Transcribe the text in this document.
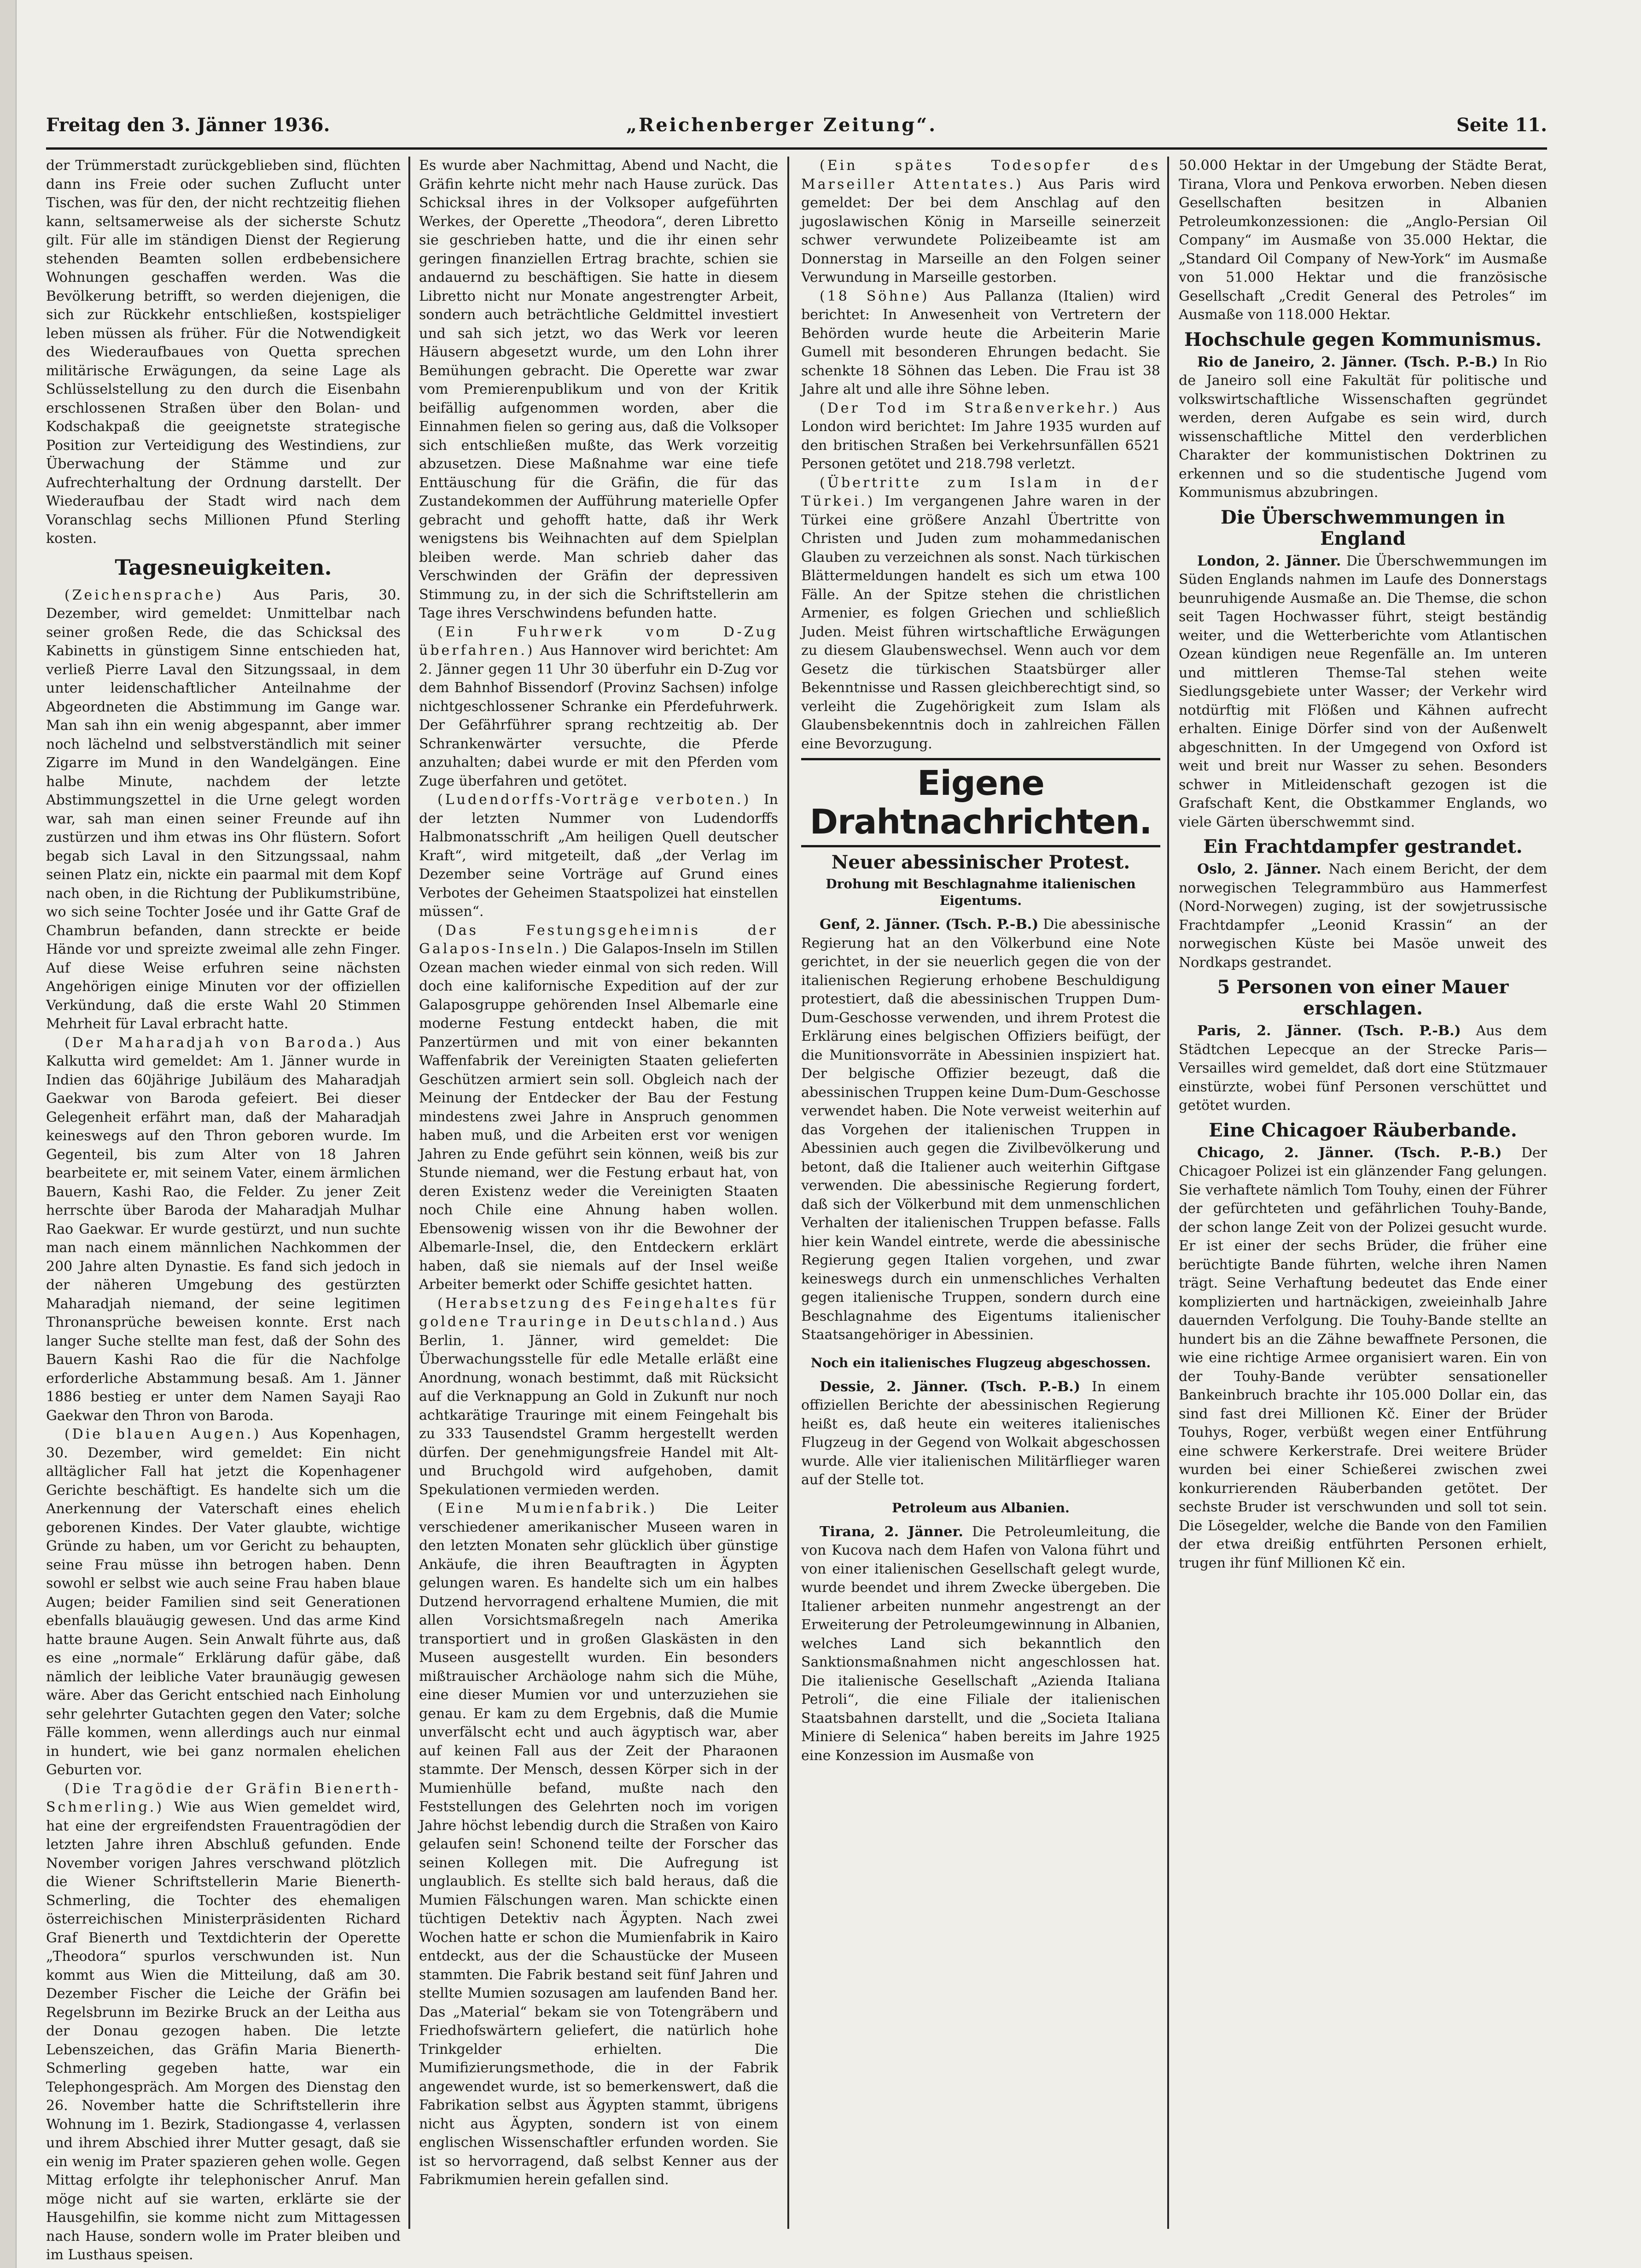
Freitag den 3. Jänner 1936.	„Reichenberger Zeitung“.	Seite 11.

der Trümmerstadt zurückgeblieben sind, flüchten dann ins Freie oder suchen Zuflucht unter Tischen, was für den, der nicht rechtzeitig fliehen kann, seltsamerweise als der sicherste Schutz gilt. Für alle im ständigen Dienst der Regierung stehenden Beamten sollen erdbebensichere Wohnungen geschaffen werden. Was die Bevölkerung betrifft, so werden diejenigen, die sich zur Rückkehr entschließen, kostspieliger leben müssen als früher. Für die Notwendigkeit des Wiederaufbaues von Quetta sprechen militärische Erwägungen, da seine Lage als Schlüsselstellung zu den durch die Eisenbahn erschlossenen Straßen über den Bolan- und Kodschakpaß die geeignetste strategische Position zur Verteidigung des Westindiens, zur Überwachung der Stämme und zur Aufrechterhaltung der Ordnung darstellt. Der Wiederaufbau der Stadt wird nach dem Voranschlag sechs Millionen Pfund Sterling kosten.

Tagesneuigkeiten.

(Zeichensprache) Aus Paris, 30. Dezember, wird gemeldet: Unmittelbar nach seiner großen Rede, die das Schicksal des Kabinetts in günstigem Sinne entschieden hat, verließ Pierre Laval den Sitzungssaal, in dem unter leidenschaftlicher Anteilnahme der Abgeordneten die Abstimmung im Gange war. Man sah ihn ein wenig abgespannt, aber immer noch lächelnd und selbstverständlich mit seiner Zigarre im Mund in den Wandelgängen. Eine halbe Minute, nachdem der letzte Abstimmungszettel in die Urne gelegt worden war, sah man einen seiner Freunde auf ihn zustürzen und ihm etwas ins Ohr flüstern. Sofort begab sich Laval in den Sitzungssaal, nahm seinen Platz ein, nickte ein paarmal mit dem Kopf nach oben, in die Richtung der Publikumstribüne, wo sich seine Tochter Josée und ihr Gatte Graf de Chambrun befanden, dann streckte er beide Hände vor und spreizte zweimal alle zehn Finger. Auf diese Weise erfuhren seine nächsten Angehörigen einige Minuten vor der offiziellen Verkündung, daß die erste Wahl 20 Stimmen Mehrheit für Laval erbracht hatte.

(Der Maharadjah von Baroda.) Aus Kalkutta wird gemeldet: Am 1. Jänner wurde in Indien das 60jährige Jubiläum des Maharadjah Gaekwar von Baroda gefeiert. Bei dieser Gelegenheit erfährt man, daß der Maharadjah keineswegs auf den Thron geboren wurde. Im Gegenteil, bis zum Alter von 18 Jahren bearbeitete er, mit seinem Vater, einem ärmlichen Bauern, Kashi Rao, die Felder. Zu jener Zeit herrschte über Baroda der Maharadjah Mulhar Rao Gaekwar. Er wurde gestürzt, und nun suchte man nach einem männlichen Nachkommen der 200 Jahre alten Dynastie. Es fand sich jedoch in der näheren Umgebung des gestürzten Maharadjah niemand, der seine legitimen Thronansprüche beweisen konnte. Erst nach langer Suche stellte man fest, daß der Sohn des Bauern Kashi Rao die für die Nachfolge erforderliche Abstammung besaß. Am 1. Jänner 1886 bestieg er unter dem Namen Sayaji Rao Gaekwar den Thron von Baroda.

(Die blauen Augen.) Aus Kopenhagen, 30. Dezember, wird gemeldet: Ein nicht alltäglicher Fall hat jetzt die Kopenhagener Gerichte beschäftigt. Es handelte sich um die Anerkennung der Vaterschaft eines ehelich geborenen Kindes. Der Vater glaubte, wichtige Gründe zu haben, um vor Gericht zu behaupten, seine Frau müsse ihn betrogen haben. Denn sowohl er selbst wie auch seine Frau haben blaue Augen; beider Familien sind seit Generationen ebenfalls blauäugig gewesen. Und das arme Kind hatte braune Augen. Sein Anwalt führte aus, daß es eine „normale“ Erklärung dafür gäbe, daß nämlich der leibliche Vater braunäugig gewesen wäre. Aber das Gericht entschied nach Einholung sehr gelehrter Gutachten gegen den Vater; solche Fälle kommen, wenn allerdings auch nur einmal in hundert, wie bei ganz normalen ehelichen Geburten vor.

(Die Tragödie der Gräfin Bienerth-Schmerling.) Wie aus Wien gemeldet wird, hat eine der ergreifendsten Frauentragödien der letzten Jahre ihren Abschluß gefunden. Ende November vorigen Jahres verschwand plötzlich die Wiener Schriftstellerin Marie Bienerth-Schmerling, die Tochter des ehemaligen österreichischen Ministerpräsidenten Richard Graf Bienerth und Textdichterin der Operette „Theodora“ spurlos verschwunden ist. Nun kommt aus Wien die Mitteilung, daß am 30. Dezember Fischer die Leiche der Gräfin bei Regelsbrunn im Bezirke Bruck an der Leitha aus der Donau gezogen haben. Die letzte Lebenszeichen, das Gräfin Maria Bienerth-Schmerling gegeben hatte, war ein Telephongespräch. Am Morgen des Dienstag den 26. November hatte die Schriftstellerin ihre Wohnung im 1. Bezirk, Stadiongasse 4, verlassen und ihrem Abschied ihrer Mutter gesagt, daß sie ein wenig im Prater spazieren gehen wolle. Gegen Mittag erfolgte ihr telephonischer Anruf. Man möge nicht auf sie warten, erklärte sie der Hausgehilfin, sie komme nicht zum Mittagessen nach Hause, sondern wolle im Prater bleiben und im Lusthaus speisen.

Es wurde aber Nachmittag, Abend und Nacht, die Gräfin kehrte nicht mehr nach Hause zurück. Das Schicksal ihres in der Volksoper aufgeführten Werkes, der Operette „Theodora“, deren Libretto sie geschrieben hatte, und die ihr einen sehr geringen finanziellen Ertrag brachte, schien sie andauernd zu beschäftigen. Sie hatte in diesem Libretto nicht nur Monate angestrengter Arbeit, sondern auch beträchtliche Geldmittel investiert und sah sich jetzt, wo das Werk vor leeren Häusern abgesetzt wurde, um den Lohn ihrer Bemühungen gebracht. Die Operette war zwar vom Premierenpublikum und von der Kritik beifällig aufgenommen worden, aber die Einnahmen fielen so gering aus, daß die Volksoper sich entschließen mußte, das Werk vorzeitig abzusetzen. Diese Maßnahme war eine tiefe Enttäuschung für die Gräfin, die für das Zustandekommen der Aufführung materielle Opfer gebracht und gehofft hatte, daß ihr Werk wenigstens bis Weihnachten auf dem Spielplan bleiben werde. Man schrieb daher das Verschwinden der Gräfin der depressiven Stimmung zu, in der sich die Schriftstellerin am Tage ihres Verschwindens befunden hatte.

(Ein Fuhrwerk vom D-Zug überfahren.) Aus Hannover wird berichtet: Am 2. Jänner gegen 11 Uhr 30 überfuhr ein D-Zug vor dem Bahnhof Bissendorf (Provinz Sachsen) infolge nichtgeschlossener Schranke ein Pferdefuhrwerk. Der Gefährführer sprang rechtzeitig ab. Der Schrankenwärter versuchte, die Pferde anzuhalten; dabei wurde er mit den Pferden vom Zuge überfahren und getötet.

(Ludendorffs-Vorträge verboten.) In der letzten Nummer von Ludendorffs Halbmonatsschrift „Am heiligen Quell deutscher Kraft“, wird mitgeteilt, daß „der Verlag im Dezember seine Vorträge auf Grund eines Verbotes der Geheimen Staatspolizei hat einstellen müssen“.

(Das Festungsgeheimnis der Galapos-Inseln.) Die Galapos-Inseln im Stillen Ozean machen wieder einmal von sich reden. Will doch eine kalifornische Expedition auf der zur Galaposgruppe gehörenden Insel Albemarle eine moderne Festung entdeckt haben, die mit Panzertürmen und mit von einer bekannten Waffenfabrik der Vereinigten Staaten gelieferten Geschützen armiert sein soll. Obgleich nach der Meinung der Entdecker der Bau der Festung mindestens zwei Jahre in Anspruch genommen haben muß, und die Arbeiten erst vor wenigen Jahren zu Ende geführt sein können, weiß bis zur Stunde niemand, wer die Festung erbaut hat, von deren Existenz weder die Vereinigten Staaten noch Chile eine Ahnung haben wollen. Ebensowenig wissen von ihr die Bewohner der Albemarle-Insel, die, den Entdeckern erklärt haben, daß sie niemals auf der Insel weiße Arbeiter bemerkt oder Schiffe gesichtet hatten.

(Herabsetzung des Feingehaltes für goldene Trauringe in Deutschland.) Aus Berlin, 1. Jänner, wird gemeldet: Die Überwachungsstelle für edle Metalle erläßt eine Anordnung, wonach bestimmt, daß mit Rücksicht auf die Verknappung an Gold in Zukunft nur noch achtkarätige Trauringe mit einem Feingehalt bis zu 333 Tausendstel Gramm hergestellt werden dürfen. Der genehmigungsfreie Handel mit Alt- und Bruchgold wird aufgehoben, damit Spekulationen vermieden werden.

(Eine Mumienfabrik.) Die Leiter verschiedener amerikanischer Museen waren in den letzten Monaten sehr glücklich über günstige Ankäufe, die ihren Beauftragten in Ägypten gelungen waren. Es handelte sich um ein halbes Dutzend hervorragend erhaltene Mumien, die mit allen Vorsichtsmaßregeln nach Amerika transportiert und in großen Glaskästen in den Museen ausgestellt wurden. Ein besonders mißtrauischer Archäologe nahm sich die Mühe, eine dieser Mumien vor und unterzuziehen sie genau. Er kam zu dem Ergebnis, daß die Mumie unverfälscht echt und auch ägyptisch war, aber auf keinen Fall aus der Zeit der Pharaonen stammte. Der Mensch, dessen Körper sich in der Mumienhülle befand, mußte nach den Feststellungen des Gelehrten noch im vorigen Jahre höchst lebendig durch die Straßen von Kairo gelaufen sein! Schonend teilte der Forscher das seinen Kollegen mit. Die Aufregung ist unglaublich. Es stellte sich bald heraus, daß die Mumien Fälschungen waren. Man schickte einen tüchtigen Detektiv nach Ägypten. Nach zwei Wochen hatte er schon die Mumienfabrik in Kairo entdeckt, aus der die Schaustücke der Museen stammten. Die Fabrik bestand seit fünf Jahren und stellte Mumien sozusagen am laufenden Band her. Das „Material“ bekam sie von Totengräbern und Friedhofswärtern geliefert, die natürlich hohe Trinkgelder erhielten. Die Mumifizierungsmethode, die in der Fabrik angewendet wurde, ist so bemerkenswert, daß die Fabrikation selbst aus Ägypten stammt, übrigens nicht aus Ägypten, sondern ist von einem englischen Wissenschaftler erfunden worden. Sie ist so hervorragend, daß selbst Kenner aus der Fabrikmumien herein gefallen sind.

(Ein spätes Todesopfer des Marseiller Attentates.) Aus Paris wird gemeldet: Der bei dem Anschlag auf den jugoslawischen König in Marseille seinerzeit schwer verwundete Polizeibeamte ist am Donnerstag in Marseille an den Folgen seiner Verwundung in Marseille gestorben.

(18 Söhne) Aus Pallanza (Italien) wird berichtet: In Anwesenheit von Vertretern der Behörden wurde heute die Arbeiterin Marie Gumell mit besonderen Ehrungen bedacht. Sie schenkte 18 Söhnen das Leben. Die Frau ist 38 Jahre alt und alle ihre Söhne leben.

(Der Tod im Straßenverkehr.) Aus London wird berichtet: Im Jahre 1935 wurden auf den britischen Straßen bei Verkehrsunfällen 6521 Personen getötet und 218.798 verletzt.

(Übertritte zum Islam in der Türkei.) Im vergangenen Jahre waren in der Türkei eine größere Anzahl Übertritte von Christen und Juden zum mohammedanischen Glauben zu verzeichnen als sonst. Nach türkischen Blättermeldungen handelt es sich um etwa 100 Fälle. An der Spitze stehen die christlichen Armenier, es folgen Griechen und schließlich Juden. Meist führen wirtschaftliche Erwägungen zu diesem Glaubenswechsel. Wenn auch vor dem Gesetz die türkischen Staatsbürger aller Bekenntnisse und Rassen gleichberechtigt sind, so verleiht die Zugehörigkeit zum Islam als Glaubensbekenntnis doch in zahlreichen Fällen eine Bevorzugung.

Eigene Drahtnachrichten.
Neuer abessinischer Protest.
Drohung mit Beschlagnahme italienischen Eigentums.

Genf, 2. Jänner. (Tsch. P.-B.) Die abessinische Regierung hat an den Völkerbund eine Note gerichtet, in der sie neuerlich gegen die von der italienischen Regierung erhobene Beschuldigung protestiert, daß die abessinischen Truppen Dum-Dum-Geschosse verwenden, und ihrem Protest die Erklärung eines belgischen Offiziers beifügt, der die Munitionsvorräte in Abessinien inspiziert hat. Der belgische Offizier bezeugt, daß die abessinischen Truppen keine Dum-Dum-Geschosse verwendet haben. Die Note verweist weiterhin auf das Vorgehen der italienischen Truppen in Abessinien auch gegen die Zivilbevölkerung und betont, daß die Italiener auch weiterhin Giftgase verwenden. Die abessinische Regierung fordert, daß sich der Völkerbund mit dem unmenschlichen Verhalten der italienischen Truppen befasse. Falls hier kein Wandel eintrete, werde die abessinische Regierung gegen Italien vorgehen, und zwar keineswegs durch ein unmenschliches Verhalten gegen italienische Truppen, sondern durch eine Beschlagnahme des Eigentums italienischer Staatsangehöriger in Abessinien.

Noch ein italienisches Flugzeug abgeschossen.

Dessie, 2. Jänner. (Tsch. P.-B.) In einem offiziellen Berichte der abessinischen Regierung heißt es, daß heute ein weiteres italienisches Flugzeug in der Gegend von Wolkait abgeschossen wurde. Alle vier italienischen Militärflieger waren auf der Stelle tot.

Petroleum aus Albanien.

Tirana, 2. Jänner. Die Petroleumleitung, die von Kucova nach dem Hafen von Valona führt und von einer italienischen Gesellschaft gelegt wurde, wurde beendet und ihrem Zwecke übergeben. Die Italiener arbeiten nunmehr angestrengt an der Erweiterung der Petroleumgewinnung in Albanien, welches Land sich bekanntlich den Sanktionsmaßnahmen nicht angeschlossen hat. Die italienische Gesellschaft „Azienda Italiana Petroli“, die eine Filiale der italienischen Staatsbahnen darstellt, und die „Societa Italiana Miniere di Selenica“ haben bereits im Jahre 1925 eine Konzession im Ausmaße von

50.000 Hektar in der Umgebung der Städte Berat, Tirana, Vlora und Penkova erworben. Neben diesen Gesellschaften besitzen in Albanien Petroleumkonzessionen: die „Anglo-Persian Oil Company“ im Ausmaße von 35.000 Hektar, die „Standard Oil Company of New-York“ im Ausmaße von 51.000 Hektar und die französische Gesellschaft „Credit General des Petroles“ im Ausmaße von 118.000 Hektar.

Hochschule gegen Kommunismus.

Rio de Janeiro, 2. Jänner. (Tsch. P.-B.) In Rio de Janeiro soll eine Fakultät für politische und volkswirtschaftliche Wissenschaften gegründet werden, deren Aufgabe es sein wird, durch wissenschaftliche Mittel den verderblichen Charakter der kommunistischen Doktrinen zu erkennen und so die studentische Jugend vom Kommunismus abzubringen.

Die Überschwemmungen in England

London, 2. Jänner. Die Überschwemmungen im Süden Englands nahmen im Laufe des Donnerstags beunruhigende Ausmaße an. Die Themse, die schon seit Tagen Hochwasser führt, steigt beständig weiter, und die Wetterberichte vom Atlantischen Ozean kündigen neue Regenfälle an. Im unteren und mittleren Themse-Tal stehen weite Siedlungsgebiete unter Wasser; der Verkehr wird notdürftig mit Flößen und Kähnen aufrecht erhalten. Einige Dörfer sind von der Außenwelt abgeschnitten. In der Umgegend von Oxford ist weit und breit nur Wasser zu sehen. Besonders schwer in Mitleidenschaft gezogen ist die Grafschaft Kent, die Obstkammer Englands, wo viele Gärten überschwemmt sind.

Ein Frachtdampfer gestrandet.

Oslo, 2. Jänner. Nach einem Bericht, der dem norwegischen Telegrammbüro aus Hammerfest (Nord-Norwegen) zuging, ist der sowjetrussische Frachtdampfer „Leonid Krassin“ an der norwegischen Küste bei Masöe unweit des Nordkaps gestrandet.

5 Personen von einer Mauer erschlagen.

Paris, 2. Jänner. (Tsch. P.-B.) Aus dem Städtchen Lepecque an der Strecke Paris—Versailles wird gemeldet, daß dort eine Stützmauer einstürzte, wobei fünf Personen verschüttet und getötet wurden.

Eine Chicagoer Räuberbande.

Chicago, 2. Jänner. (Tsch. P.-B.) Der Chicagoer Polizei ist ein glänzender Fang gelungen. Sie verhaftete nämlich Tom Touhy, einen der Führer der gefürchteten und gefährlichen Touhy-Bande, der schon lange Zeit von der Polizei gesucht wurde. Er ist einer der sechs Brüder, die früher eine berüchtigte Bande führten, welche ihren Namen trägt. Seine Verhaftung bedeutet das Ende einer komplizierten und hartnäckigen, zweieinhalb Jahre dauernden Verfolgung. Die Touhy-Bande stellte an hundert bis an die Zähne bewaffnete Personen, die wie eine richtige Armee organisiert waren. Ein von der Touhy-Bande verübter sensationeller Bankeinbruch brachte ihr 105.000 Dollar ein, das sind fast drei Millionen Kč. Einer der Brüder Touhys, Roger, verbüßt wegen einer Entführung eine schwere Kerkerstrafe. Drei weitere Brüder wurden bei einer Schießerei zwischen zwei konkurrierenden Räuberbanden getötet. Der sechste Bruder ist verschwunden und soll tot sein. Die Lösegelder, welche die Bande von den Familien der etwa dreißig entführten Personen erhielt, trugen ihr fünf Millionen Kč ein.
